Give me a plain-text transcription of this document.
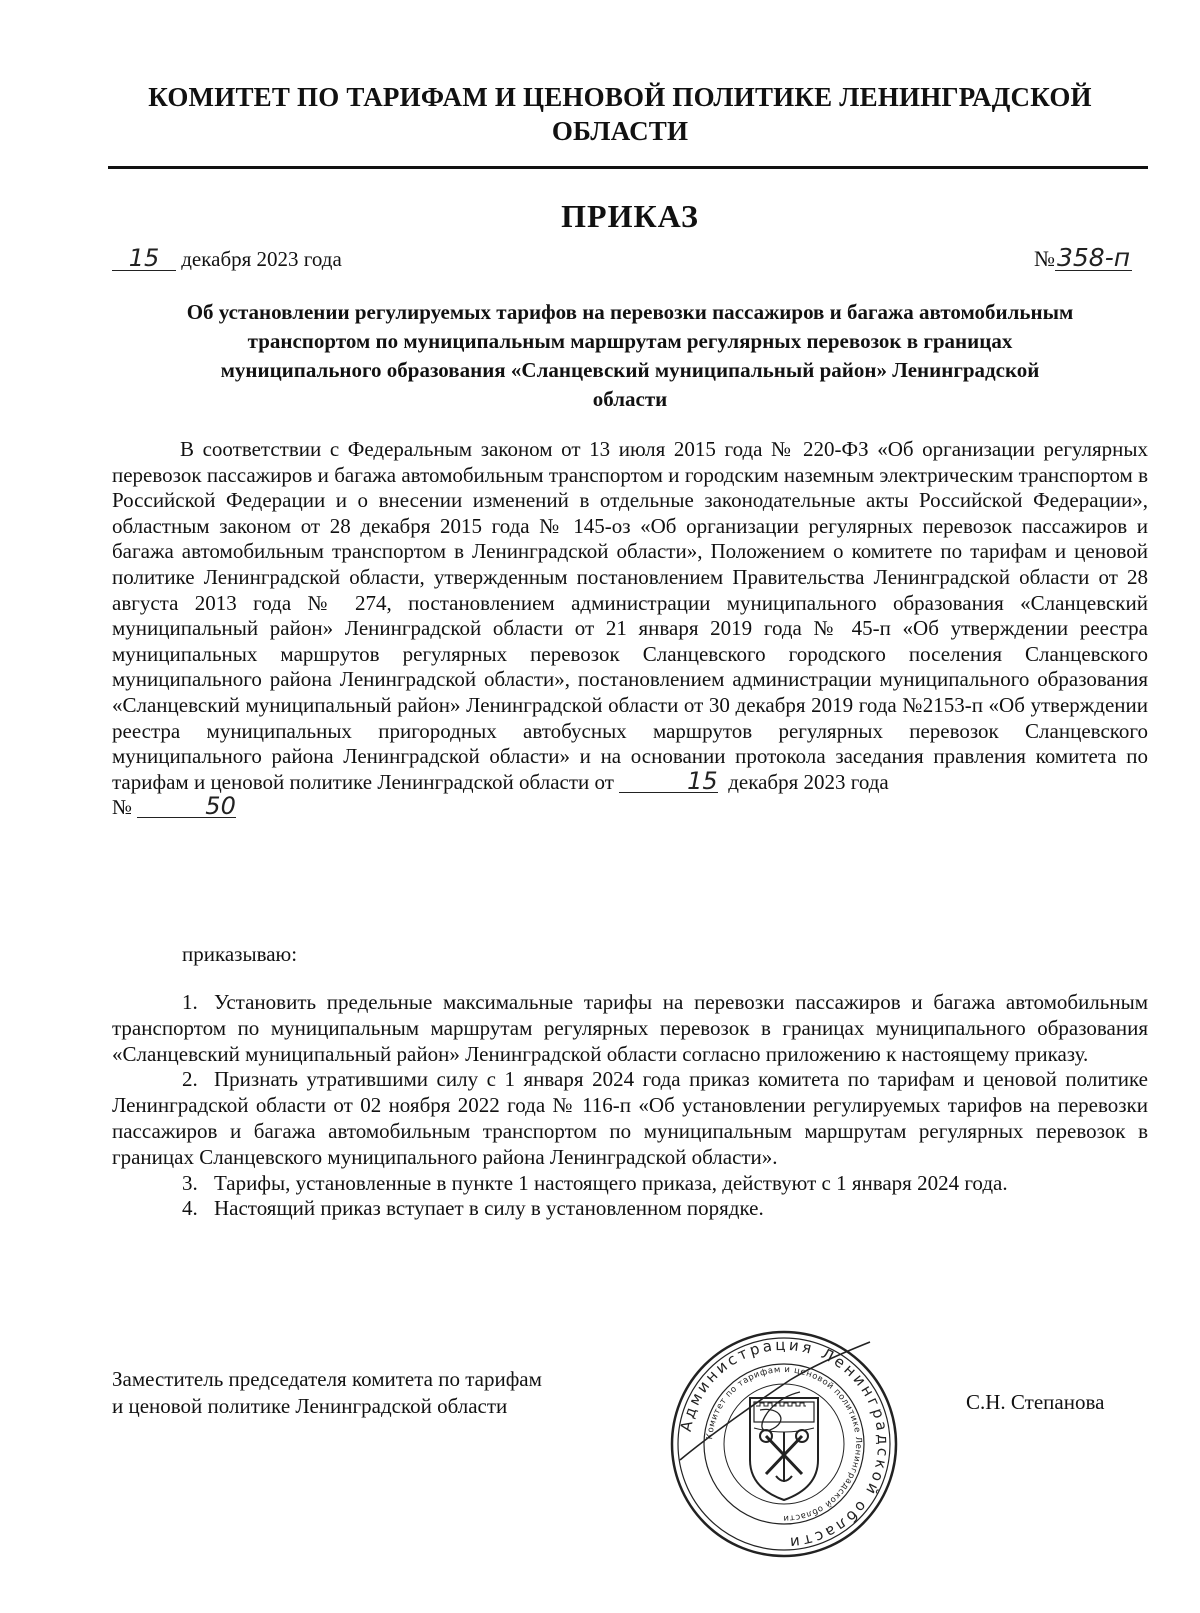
КОМИТЕТ ПО ТАРИФАМ И ЦЕНОВОЙ ПОЛИТИКЕ ЛЕНИНГРАДСКОЙ
ОБЛАСТИ
ПРИКАЗ
15 декабря 2023 года	№358-п
Об установлении регулируемых тарифов на перевозки пассажиров и багажа автомобильным
транспортом по муниципальным маршрутам регулярных перевозок в границах
муниципального образования «Сланцевский муниципальный район» Ленинградской
области

В соответствии с Федеральным законом от 13 июля 2015 года № 220-ФЗ «Об организации регулярных перевозок пассажиров и багажа автомобильным транспортом и городским наземным электрическим транспортом в Российской Федерации и о внесении изменений в отдельные законодательные акты Российской Федерации», областным законом от 28 декабря 2015 года № 145-оз «Об организации регулярных перевозок пассажиров и багажа автомобильным транспортом в Ленинградской области», Положением о комитете по тарифам и ценовой политике Ленинградской области, утвержденным постановлением Правительства Ленинградской области от 28 августа 2013 года № 274, постановлением администрации муниципального образования «Сланцевский муниципальный район» Ленинградской области от 21 января 2019 года № 45-п «Об утверждении реестра муниципальных маршрутов регулярных перевозок Сланцевского городского поселения Сланцевского муниципального района Ленинградской области», постановлением администрации муниципального образования «Сланцевский муниципальный район» Ленинградской области от 30 декабря 2019 года №2153-п «Об утверждении реестра муниципальных пригородных автобусных маршрутов регулярных перевозок Сланцевского муниципального района Ленинградской области» и на основании протокола заседания правления комитета по тарифам и ценовой политике Ленинградской области от	15 декабря 2023 года
№	50

приказываю:

1. Установить предельные максимальные тарифы на перевозки пассажиров и багажа автомобильным транспортом по муниципальным маршрутам регулярных перевозок в границах муниципального образования «Сланцевский муниципальный район» Ленинградской области согласно приложению к настоящему приказу.

2. Признать утратившими силу с 1 января 2024 года приказ комитета по тарифам и ценовой политике Ленинградской области от 02 ноября 2022 года № 116-п «Об установлении регулируемых тарифов на перевозки пассажиров и багажа автомобильным транспортом по муниципальным маршрутам регулярных перевозок в границах Сланцевского муниципального района Ленинградской области».

3. Тарифы, установленные в пункте 1 настоящего приказа, действуют с 1 января 2024 года.

4. Настоящий приказ вступает в силу в установленном порядке.

Заместитель председателя комитета по тарифам
и ценовой политике Ленинградской области
Администрация Ленинградской области
Комитет по тарифам и ценовой политике Ленинградской области
С.Н. Степанова
